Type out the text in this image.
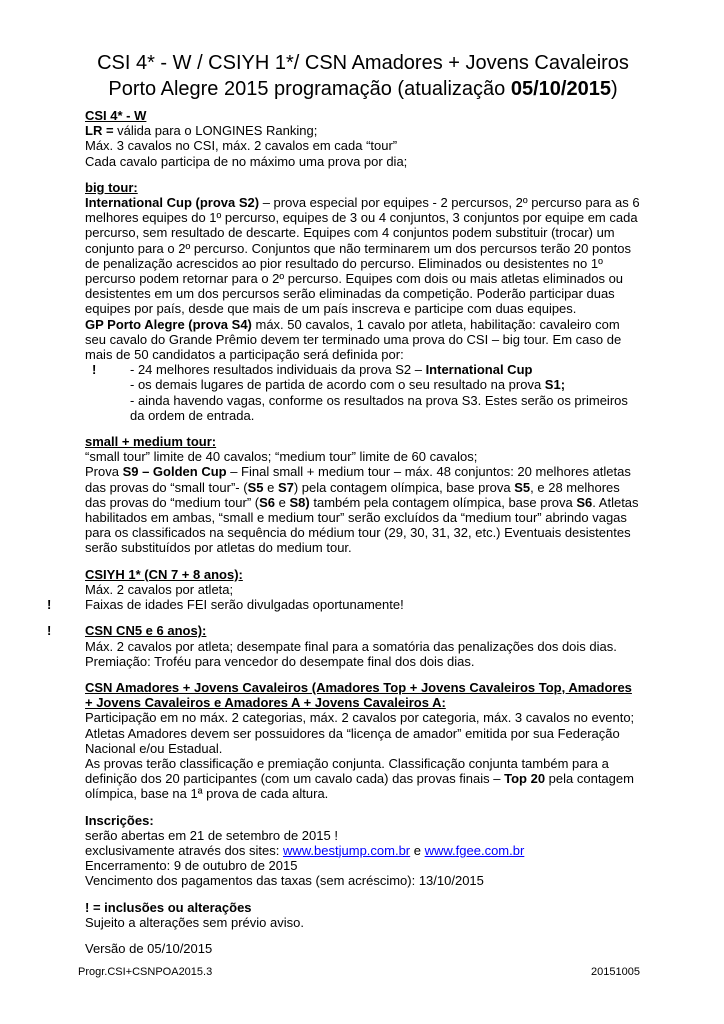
CSI 4* - W / CSIYH 1*/ CSN Amadores + Jovens Cavaleiros
Porto Alegre 2015 programação (atualização 05/10/2015)
CSI 4* - W
LR = válida para o LONGINES Ranking;
Máx. 3 cavalos no CSI, máx. 2 cavalos em cada “tour”
Cada cavalo participa de no máximo uma prova por dia;
big tour:
International Cup (prova S2) – prova especial por equipes - 2 percursos, 2º percurso para as 6 melhores equipes do 1º percurso, equipes de 3 ou 4 conjuntos, 3 conjuntos por equipe em cada percurso, sem resultado de descarte. Equipes com 4 conjuntos podem substituir (trocar) um conjunto para o 2º percurso. Conjuntos que não terminarem um dos percursos terão 20 pontos de penalização acrescidos ao pior resultado do percurso. Eliminados ou desistentes no 1º percurso podem retornar para o 2º percurso. Equipes com dois ou mais atletas eliminados ou desistentes em um dos percursos serão eliminadas da competição. Poderão participar duas equipes por país, desde que mais de um país inscreva e participe com duas equipes.
GP Porto Alegre (prova S4) máx. 50 cavalos, 1 cavalo por atleta, habilitação: cavaleiro com seu cavalo do Grande Prêmio devem ter terminado uma prova do CSI – big tour. Em caso de mais de 50 candidatos a participação será definida por:
!	- 24 melhores resultados individuais da prova S2 – International Cup
- os demais lugares de partida de acordo com o seu resultado na prova S1;
- ainda havendo vagas, conforme os resultados na prova S3. Estes serão os primeiros da ordem de entrada.
small + medium tour:
“small tour” limite de 40 cavalos; “medium tour” limite de 60 cavalos;
Prova S9 – Golden Cup – Final small + medium tour – máx. 48 conjuntos: 20 melhores atletas das provas do “small tour”- (S5 e S7) pela contagem olímpica, base prova S5, e 28 melhores das provas do “medium tour” (S6 e S8) também pela contagem olímpica, base prova S6. Atletas habilitados em ambas, “small e medium tour” serão excluídos da “medium tour” abrindo vagas para os classificados na sequência do médium tour (29, 30, 31, 32, etc.) Eventuais desistentes serão substituídos por atletas do medium tour.
CSIYH 1* (CN 7 + 8 anos):
Máx. 2 cavalos por atleta;
!	Faixas de idades FEI serão divulgadas oportunamente!
!	CSN CN5 e 6 anos):
Máx. 2 cavalos por atleta; desempate final para a somatória das penalizações dos dois dias.
Premiação: Troféu para vencedor do desempate final dos dois dias.
CSN Amadores + Jovens Cavaleiros (Amadores Top + Jovens Cavaleiros Top, Amadores + Jovens Cavaleiros e Amadores A + Jovens Cavaleiros A:
Participação em no máx. 2 categorias, máx. 2 cavalos por categoria, máx. 3 cavalos no evento;
Atletas Amadores devem ser possuidores da “licença de amador” emitida por sua Federação Nacional e/ou Estadual.
As provas terão classificação e premiação conjunta. Classificação conjunta também para a definição dos 20 participantes (com um cavalo cada) das provas finais – Top 20 pela contagem olímpica, base na 1ª prova de cada altura.
Inscrições:
serão abertas em 21 de setembro de 2015 !
exclusivamente através dos sites: www.bestjump.com.br e www.fgee.com.br
Encerramento: 9 de outubro de 2015
Vencimento dos pagamentos das taxas (sem acréscimo): 13/10/2015
! = inclusões ou alterações
Sujeito a alterações sem prévio aviso.
Versão de 05/10/2015
Progr.CSI+CSNPOA2015.3	20151005
